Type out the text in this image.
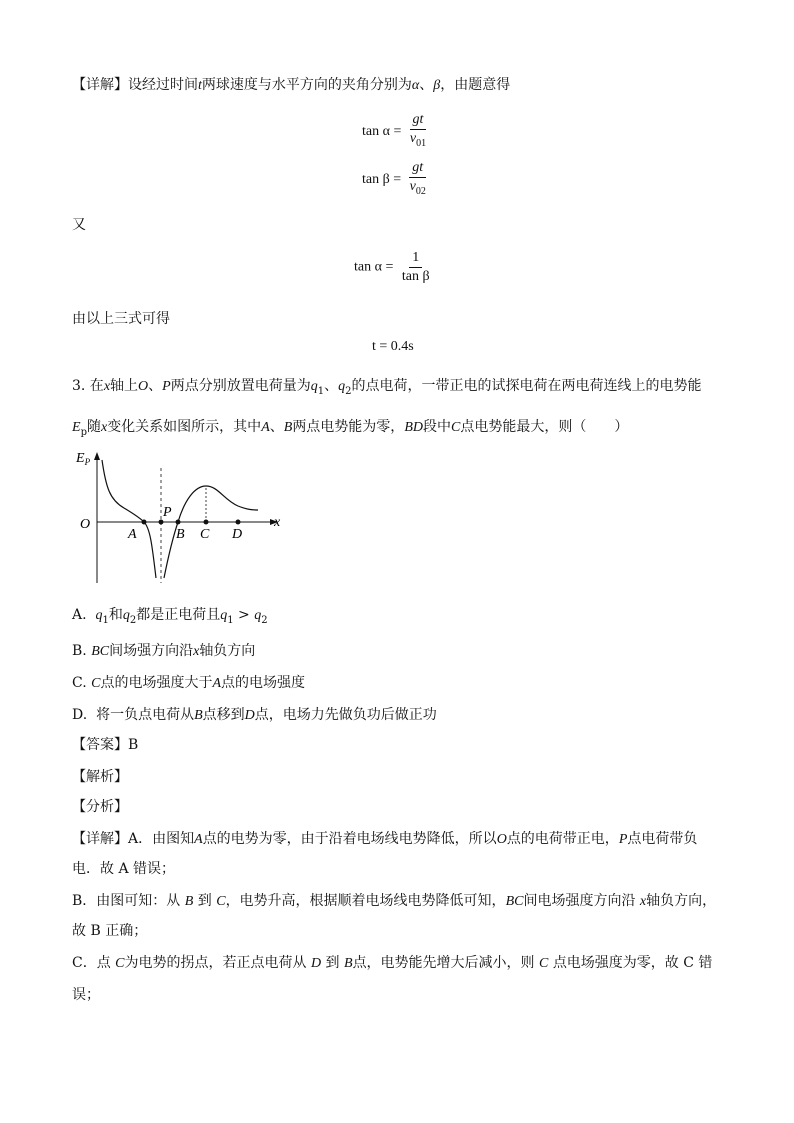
【详解】设经过时间t两球速度与水平方向的夹角分别为α、β，由题意得
$\tan \alpha = \frac{gt}{v_{01}}$
$\tan \beta = \frac{gt}{v_{02}}$
又
$\tan \alpha = \frac{1}{\text{tan β}}$
由以上三式可得
t = 0.4s
3. 在x轴上O、P两点分别放置电荷量为$q_1$、$q_2$的点电荷，一带正电的试探电荷在两电荷连线上的电势能
$E_p$随x变化关系如图所示，其中A、B两点电势能为零，BD段中C点电势能最大，则（　　）
$E_P$
O	x
A
P
B C D
A. $q_1$和$q_2$都是正电荷且$q_1 > q_2$
B. BC间场强方向沿x轴负方向
C. C点的电场强度大于A点的电场强度
D. 将一负点电荷从B点移到D点，电场力先做负功后做正功
【答案】B
【解析】
【分析】
【详解】A．由图知A点的电势为零，由于沿着电场线电势降低，所以O点的电荷带正电，P点电荷带负
电．故 A 错误；
B．由图可知：从 B 到 C，电势升高，根据顺着电场线电势降低可知，BC间电场强度方向沿 x轴负方向，
故 B 正确；
C．点 C为电势的拐点，若正点电荷从 D 到 B点，电势能先增大后减小，则 C 点电场强度为零，故 C 错
误；
